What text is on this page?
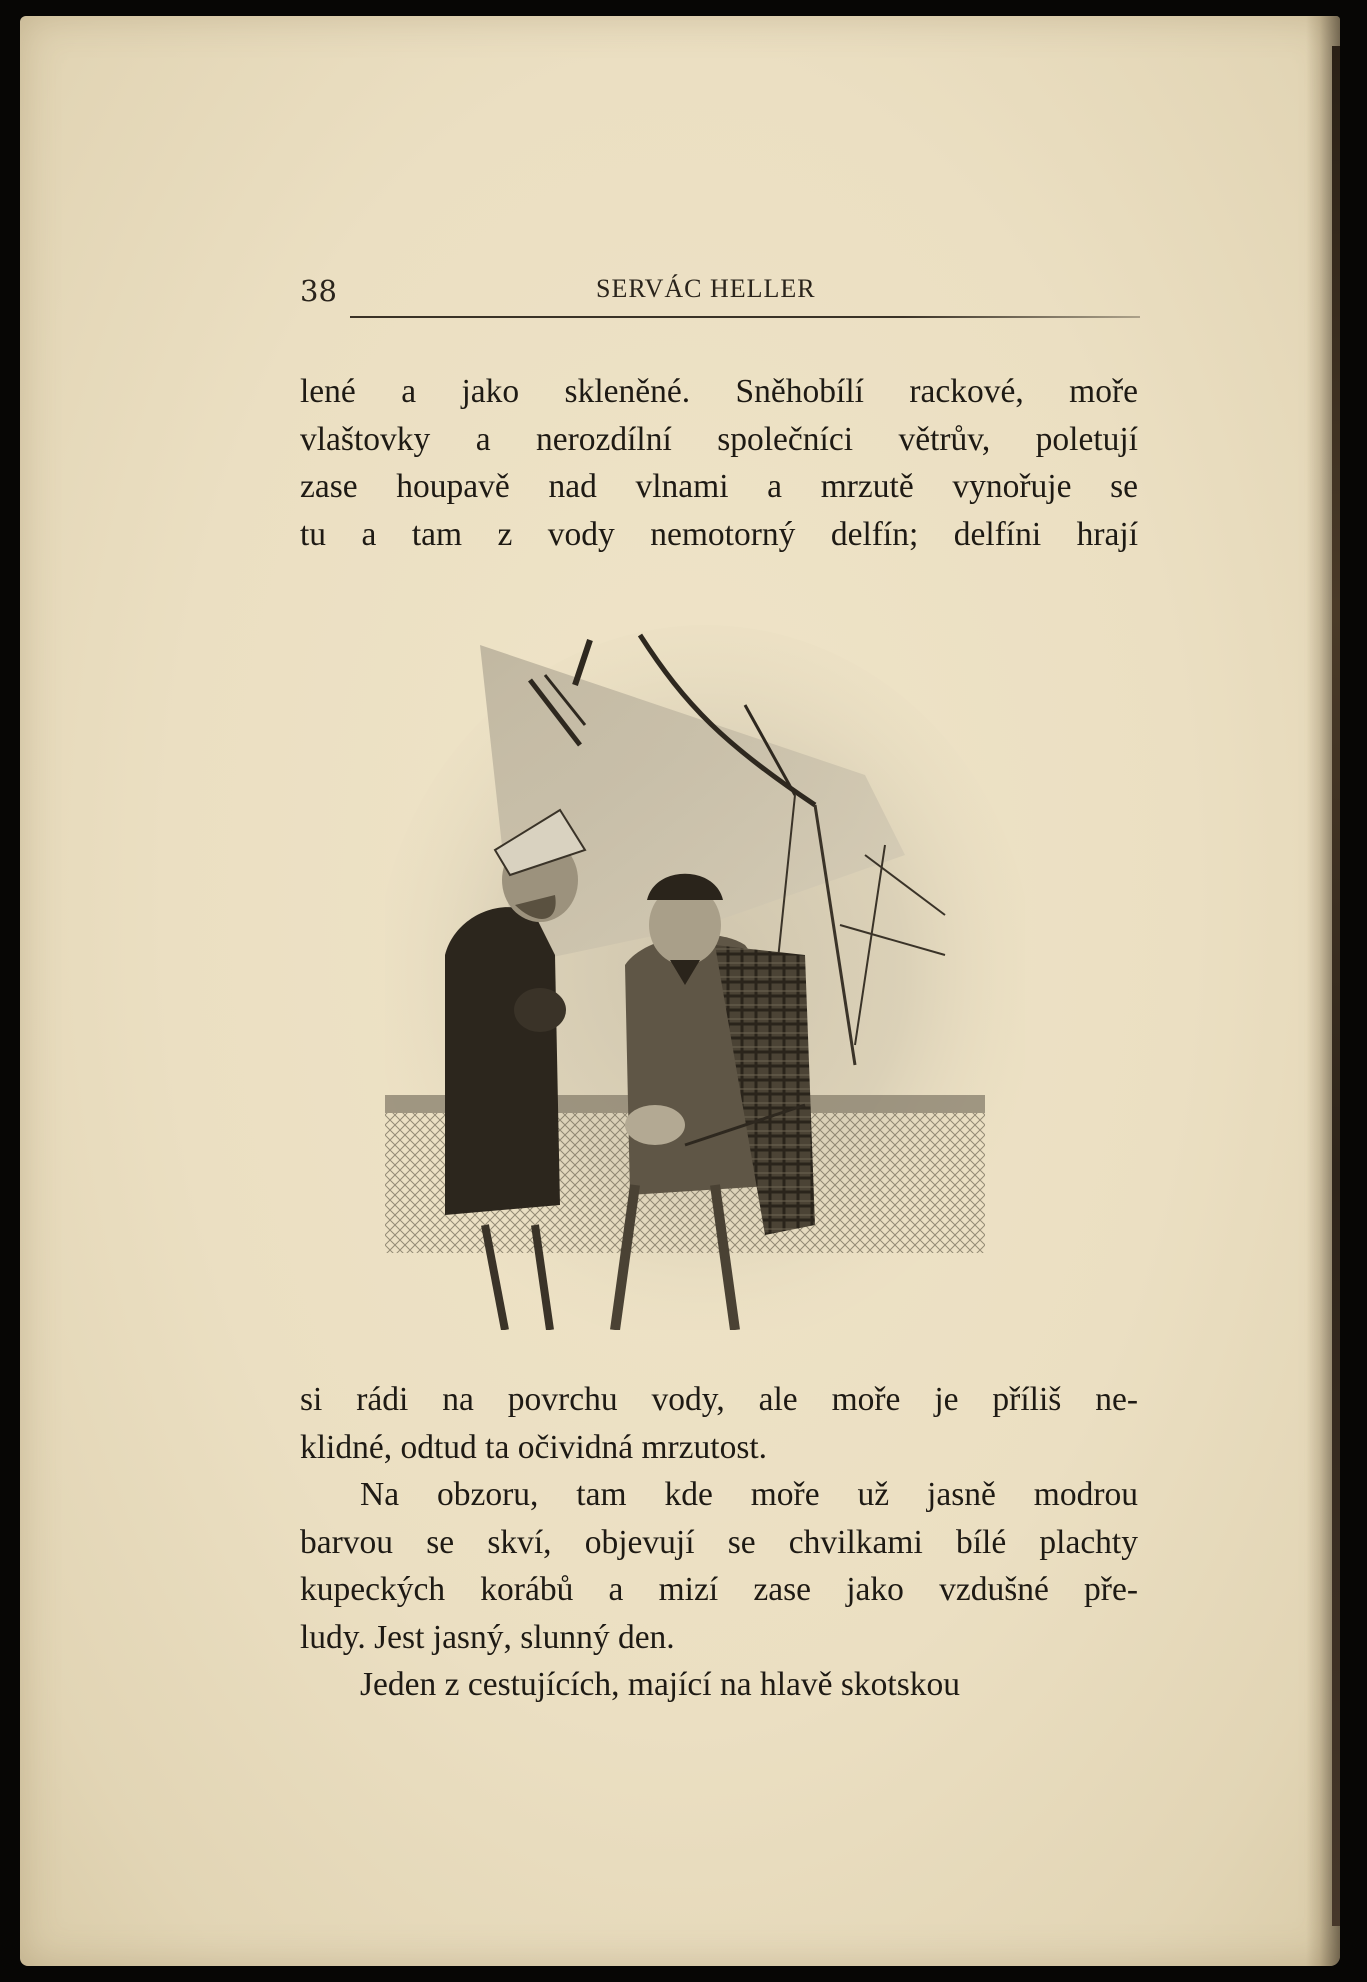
38	SERVÁC HELLER
lené a jako skleněné. Sněhobílí rackové, moře
vlaštovky a nerozdílní společníci větrův, poletují
zase houpavě nad vlnami a mrzutě vynořuje se
tu a tam z vody nemotorný delfín; delfíni hrají
si rádi na povrchu vody, ale moře je příliš ne-
klidné, odtud ta očividná mrzutost.
Na obzoru, tam kde moře už jasně modrou
barvou se skví, objevují se chvilkami bílé plachty
kupeckých korábů a mizí zase jako vzdušné pře-
ludy. Jest jasný, slunný den.
Jeden z cestujících, mající na hlavě skotskou
